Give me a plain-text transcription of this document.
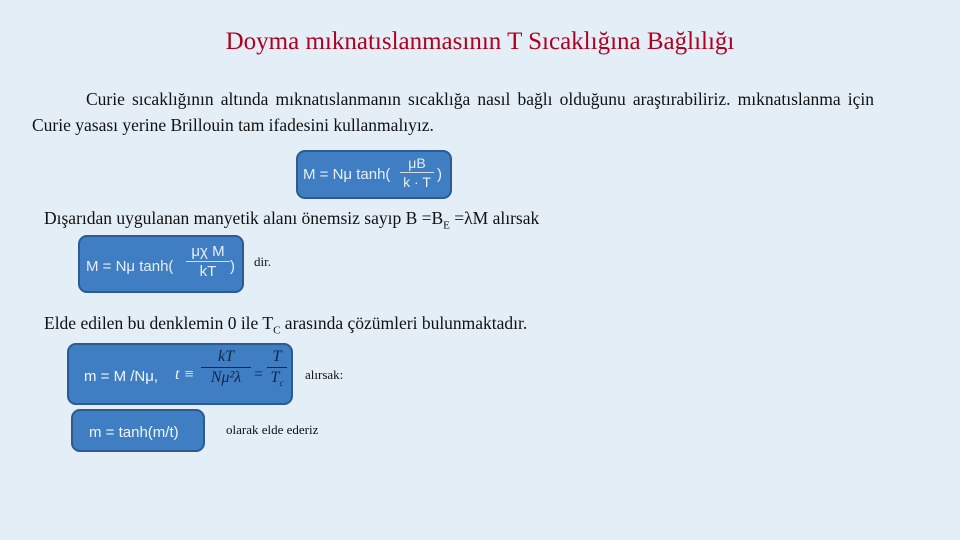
Doyma mıknatıslanmasının T Sıcaklığına Bağlılığı
Curie sıcaklığının altında mıknatıslanmanın sıcaklığa nasıl bağlı olduğunu araştırabiliriz. mıknatıslanma için Curie yasası yerine Brillouin tam ifadesini kullanmalıyız.
M = Nμ tanh(
μB
k · T )
Dışarıdan uygulanan manyetik alanı önemsiz sayıp $B =B_E =\lambda M$ alırsak
M = Nμ tanh(
μχ M
kT ) dir.
Elde edilen bu denklemin 0 ile $T_C$ arasında çözümleri bulunmaktadır.
m = M /Nμ, t ≡
kT
Nμ²λ =
T
$T_c$
alırsak:
m = tanh(m/t)	olarak elde ederiz
